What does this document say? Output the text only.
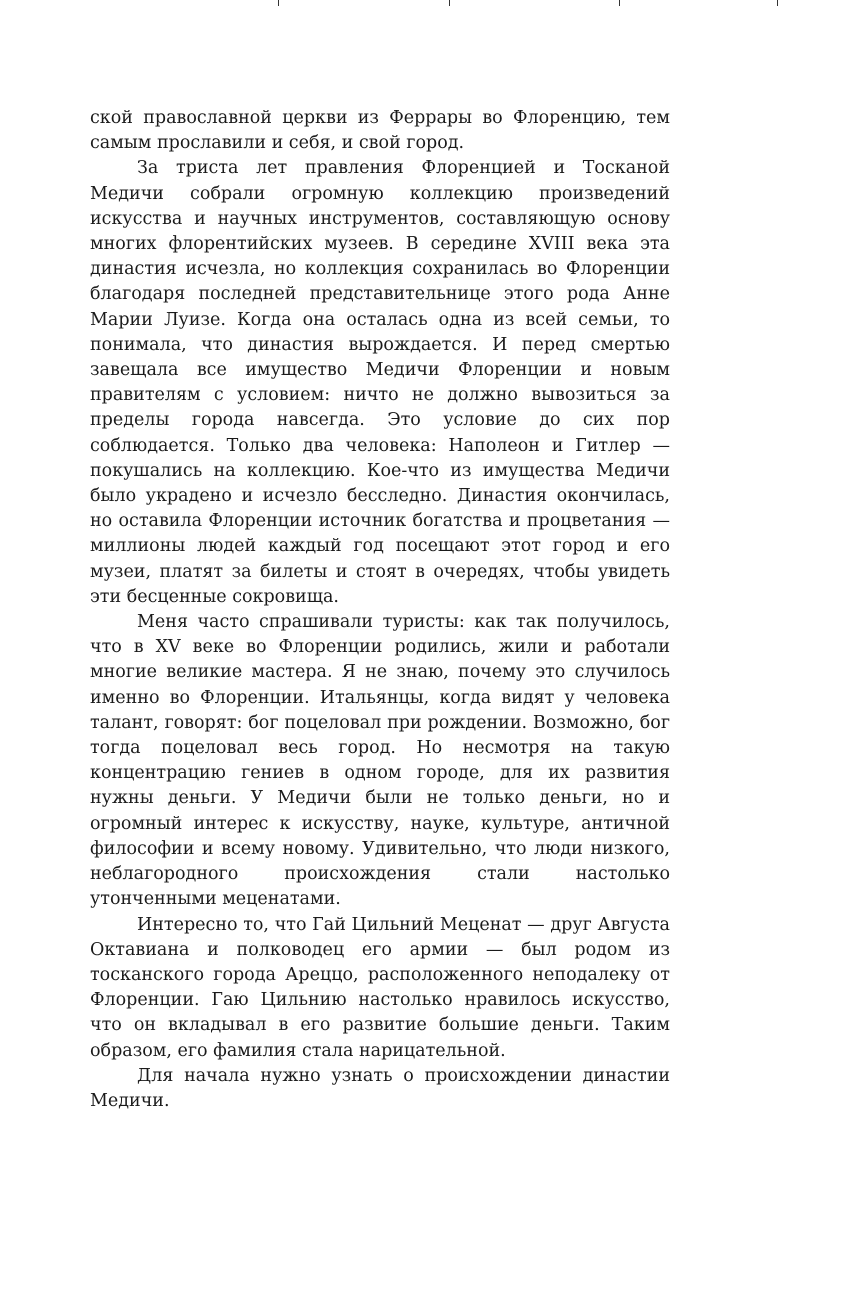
ской православной церкви из Феррары во Флоренцию, тем самым прославили и себя, и свой город.

За триста лет правления Флоренцией и Тосканой Медичи собрали огромную коллекцию произведений искусства и научных инструментов, составляющую основу многих флорентийских музеев. В середине XVIII века эта династия исчезла, но коллекция сохранилась во Флоренции благодаря последней представительнице этого рода Анне Марии Луизе. Когда она осталась одна из всей семьи, то понимала, что династия вырождается. И перед смертью завещала все имущество Медичи Флоренции и новым правителям с условием: ничто не должно вывозиться за пределы города навсегда. Это условие до сих пор соблюдается. Только два человека: Наполеон и Гитлер — покушались на коллекцию. Кое-что из имущества Медичи было украдено и исчезло бесследно. Династия окончилась, но оставила Флоренции источник богатства и процветания — миллионы людей каждый год посещают этот город и его музеи, платят за билеты и стоят в очередях, чтобы увидеть эти бесценные сокровища.

Меня часто спрашивали туристы: как так получилось, что в XV веке во Флоренции родились, жили и работали многие великие мастера. Я не знаю, почему это случилось именно во Флоренции. Итальянцы, когда видят у человека талант, говорят: бог поцеловал при рождении. Возможно, бог тогда поцеловал весь город. Но несмотря на такую концентрацию гениев в одном городе, для их развития нужны деньги. У Медичи были не только деньги, но и огромный интерес к искусству, науке, культуре, античной философии и всему новому. Удивительно, что люди низкого, неблагородного происхождения стали настолько утонченными меценатами.

Интересно то, что Гай Цильний Меценат — друг Августа Октавиана и полководец его армии — был родом из тосканского города Ареццо, расположенного неподалеку от Флоренции. Гаю Цильнию настолько нравилось искусство, что он вкладывал в его развитие большие деньги. Таким образом, его фамилия стала нарицательной.

Для начала нужно узнать о происхождении династии Медичи.
